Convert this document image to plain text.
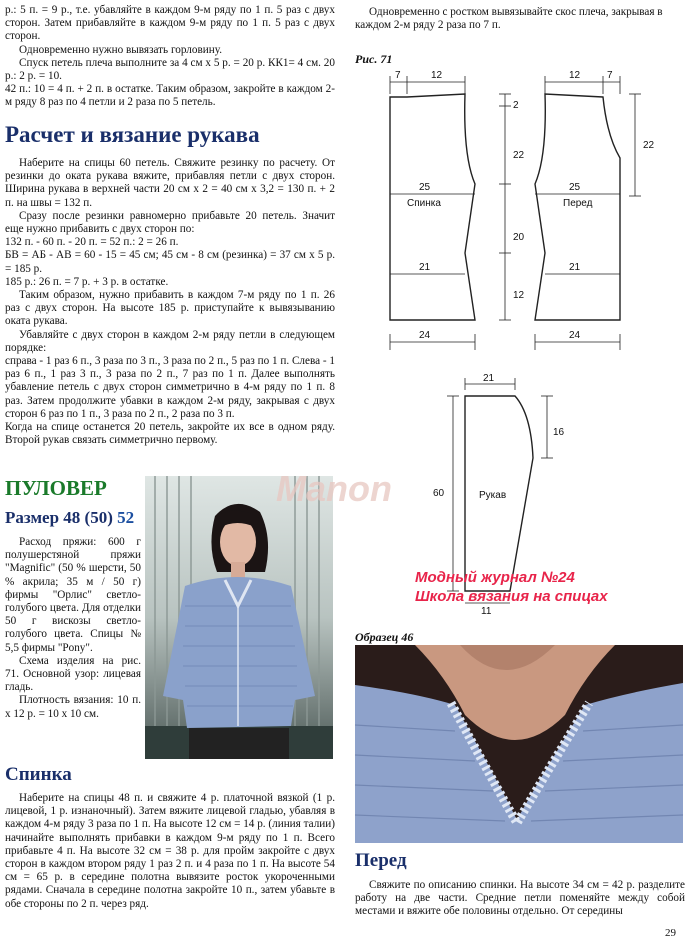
р.: 5 п. = 9 р., т.е. убавляйте в каждом 9-м ряду по 1 п. 5 раз с двух сторон. Затем прибавляйте в каждом 9-м ряду по 1 п. 5 раз с двух сторон.

Одновременно нужно вывязать горловину.

Спуск петель плеча выполните за 4 см х 5 р. = 20 р. КК1= 4 см. 20 р.: 2 р. = 10.

42 п.: 10 = 4 п. + 2 п. в остатке. Таким образом, закройте в каждом 2-м ряду 8 раз по 4 петли и 2 раза по 5 петель.

Расчет и вязание рукава

Наберите на спицы 60 петель. Свяжите резинку по расчету. От резинки до оката рукава вяжите, прибавляя петли с двух сторон. Ширина рукава в верхней части 20 см х 2 = 40 см х 3,2 = 130 п. + 2 п. на швы = 132 п.

Сразу после резинки равномерно прибавьте 20 петель. Значит еще нужно прибавить с двух сторон по:

132 п. - 60 п. - 20 п. = 52 п.: 2 = 26 п.

БВ = АБ - АВ = 60 - 15 = 45 см; 45 см - 8 см (резинка) = 37 см х 5 р. = 185 р.

185 р.: 26 п. = 7 р. + 3 р. в остатке.

Таким образом, нужно прибавить в каждом 7-м ряду по 1 п. 26 раз с двух сторон. На высоте 185 р. приступайте к вывязыванию оката рукава.

Убавляйте с двух сторон в каждом 2-м ряду петли в следующем порядке:

справа - 1 раз 6 п., 3 раза по 3 п., 3 раза по 2 п., 5 раз по 1 п. Слева - 1 раз 6 п., 1 раз 3 п., 3 раза по 2 п., 7 раз по 1 п. Далее выполнять убавление петель с двух сторон симметрично в 4-м ряду по 1 п. 8 раз. Затем продолжите убавки в каждом 2-м ряду, закрывая с двух сторон 6 раз по 1 п., 3 раза по 2 п., 2 раза по 3 п.

Когда на спице останется 20 петель, закройте их все в одном ряду. Второй рукав связать симметрично первому.

ПУЛОВЕР
Размер 48 (50) 52

Расход пряжи: 600 г полушерстяной пряжи "Magnific" (50 % шерсти, 50 % акрила; 35 м / 50 г) фирмы "Орлис" светло-голубого цвета. Для отделки 50 г вискозы светло-голубого цвета. Спицы № 5,5 фирмы "Pony".

Схема изделия на рис. 71. Основной узор: лицевая гладь.

Плотность вязания: 10 п. х 12 р. = 10 х 10 см.

Спинка

Наберите на спицы 48 п. и свяжите 4 р. платочной вязкой (1 р. лицевой, 1 р. изнаночный). Затем вяжите лицевой гладью, убавляя в каждом 4-м ряду 3 раза по 1 п. На высоте 12 см = 14 р. (линия талии) начинайте выполнять прибавки в каждом 9-м ряду по 1 п. Всего прибавьте 4 п. На высоте 32 см = 38 р. для пройм закройте с двух сторон в каждом втором ряду 1 раз 2 п. и 4 раза по 1 п. На высоте 54 см = 65 р. в середине полотна вывязите росток укороченными рядами. Сначала в середине полотна закройте 10 п., затем убавьте в обе стороны по 2 п. через ряд.

Одновременно с ростком вывязывайте скос плеча, закрывая в каждом 2-м ряду 2 раза по 7 п.

Рис. 71
7	12	12	7
2
22
20
12
22
25	25
21	21
24	24
21
16
60
11
Спинка	Перед
Рукав
Manon
Модный журнал №24
Школа вязания на спицах
Образец 46
Перед

Свяжите по описанию спинки. На высоте 34 см = 42 р. разделите работу на две части. Средние петли поменяйте между собой местами и вяжите обе половины отдельно. От середины

29
